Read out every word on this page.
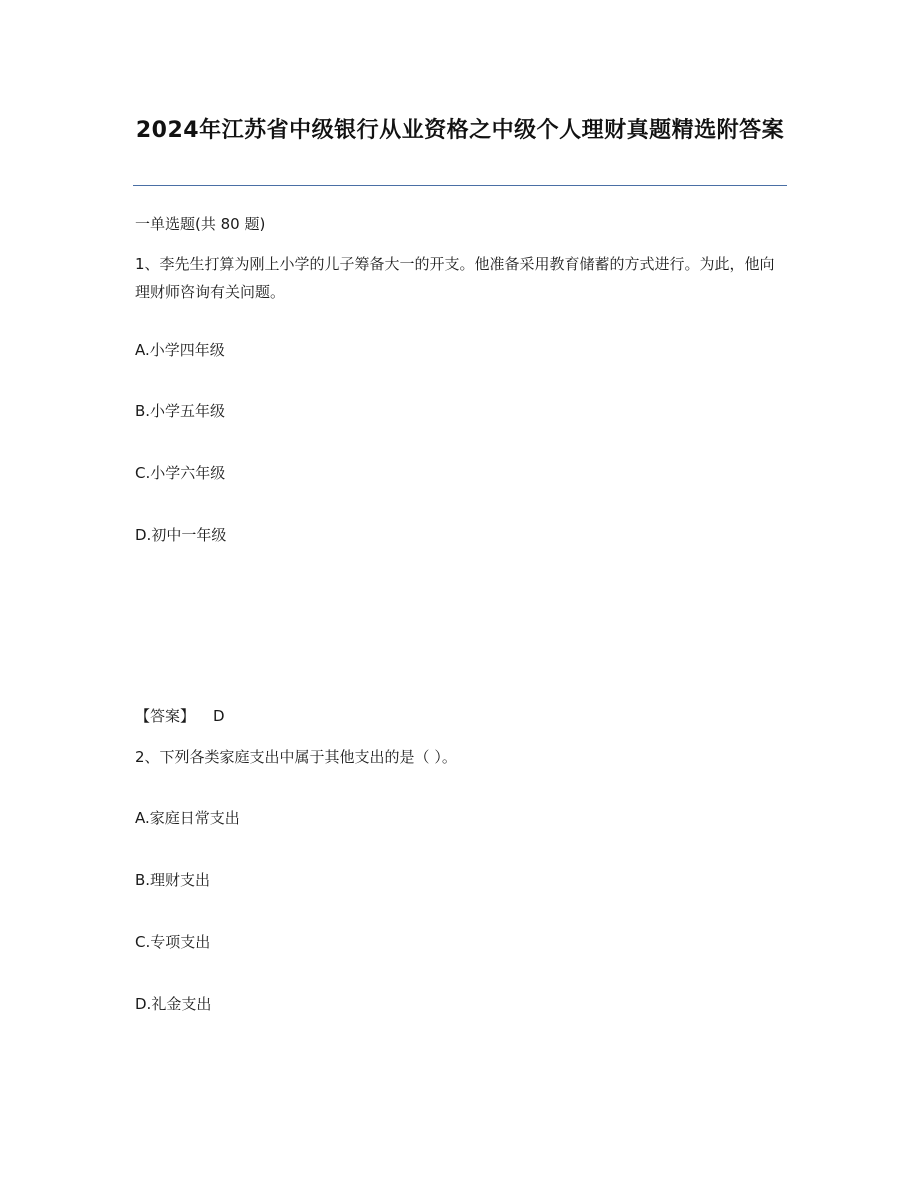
2024年江苏省中级银行从业资格之中级个人理财真题精选附答案
一单选题(共 80 题)
1、李先生打算为刚上小学的儿子筹备大一的开支。他准备采用教育储蓄的方式进行。为此，他向理财师咨询有关问题。
A.小学四年级
B.小学五年级
C.小学六年级
D.初中一年级
【答案】 D
2、下列各类家庭支出中属于其他支出的是（ ）。
A.家庭日常支出
B.理财支出
C.专项支出
D.礼金支出
